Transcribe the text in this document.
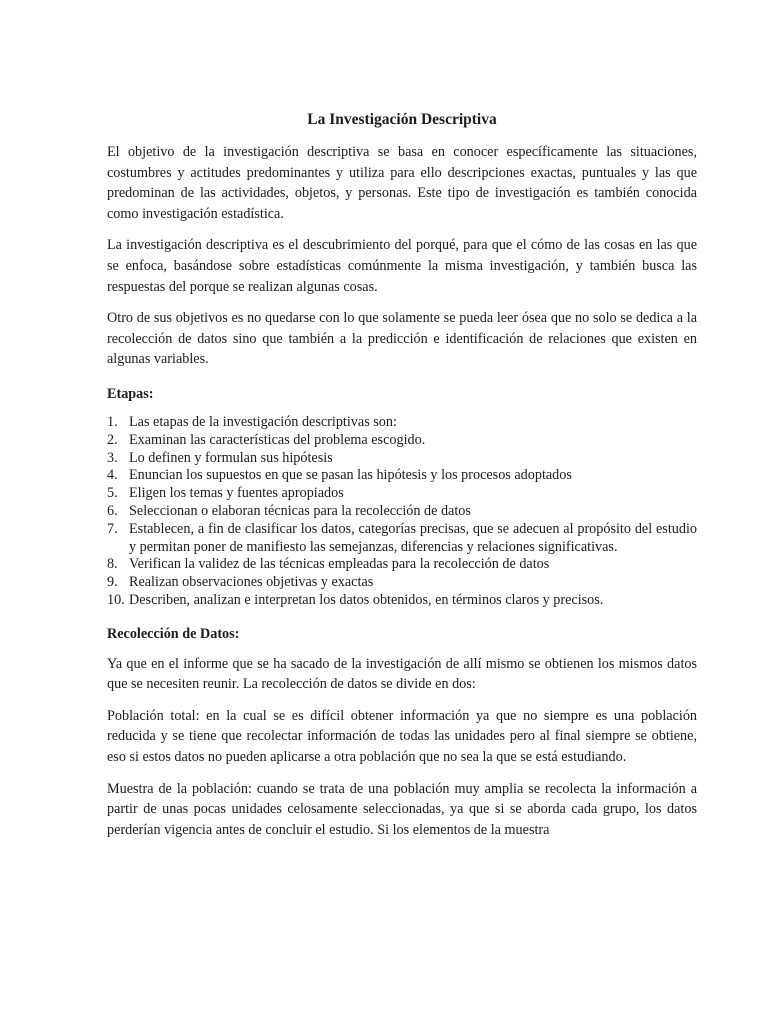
La Investigación Descriptiva

El objetivo de la investigación descriptiva se basa en conocer específicamente las situaciones, costumbres y actitudes predominantes y utiliza para ello descripciones exactas, puntuales y las que predominan de las actividades, objetos, y personas. Este tipo de investigación es también conocida como investigación estadística.

La investigación descriptiva es el descubrimiento del porqué, para que el cómo de las cosas en las que se enfoca, basándose sobre estadísticas comúnmente la misma investigación, y también busca las respuestas del porque se realizan algunas cosas.

Otro de sus objetivos es no quedarse con lo que solamente se pueda leer ósea que no solo se dedica a la recolección de datos sino que también a la predicción e identificación de relaciones que existen en algunas variables.

Etapas:
1. Las etapas de la investigación descriptivas son:
2. Examinan las características del problema escogido.
3. Lo definen y formulan sus hipótesis
4. Enuncian los supuestos en que se pasan las hipótesis y los procesos adoptados
5. Eligen los temas y fuentes apropiados
6. Seleccionan o elaboran técnicas para la recolección de datos
7. Establecen, a fin de clasificar los datos, categorías precisas, que se adecuen al propósito del estudio y permitan poner de manifiesto las semejanzas, diferencias y relaciones significativas.
8. Verifican la validez de las técnicas empleadas para la recolección de datos
9. Realizan observaciones objetivas y exactas
10. Describen, analizan e interpretan los datos obtenidos, en términos claros y precisos.
Recolección de Datos:

Ya que en el informe que se ha sacado de la investigación de allí mismo se obtienen los mismos datos que se necesiten reunir. La recolección de datos se divide en dos:

Población total: en la cual se es difícil obtener información ya que no siempre es una población reducida y se tiene que recolectar información de todas las unidades pero al final siempre se obtiene, eso si estos datos no pueden aplicarse a otra población que no sea la que se está estudiando.

Muestra de la población: cuando se trata de una población muy amplia se recolecta la información a partir de unas pocas unidades celosamente seleccionadas, ya que si se aborda cada grupo, los datos perderían vigencia antes de concluir el estudio. Si los elementos de la muestra
